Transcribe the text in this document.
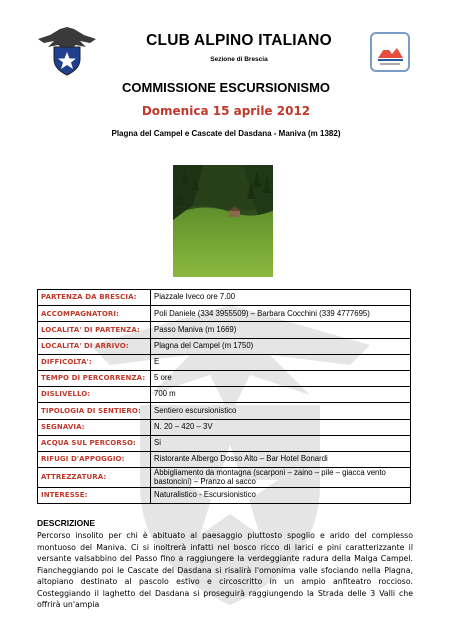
CLUB ALPINO ITALIANO
Sezione di Brescia
COMMISSIONE ESCURSIONISMO
Domenica 15 aprile 2012
Plagna del Campel e Cascate del Dasdana - Maniva (m 1382)
PARTENZA DA BRESCIA:	Piazzale Iveco ore 7.00
ACCOMPAGNATORI:	Poli Daniele (334 3955509) – Barbara Cocchini (339 4777695)
LOCALITA' DI PARTENZA:	Passo Maniva (m 1669)
LOCALITA' DI ARRIVO:	Plagna del Campel (m 1750)
DIFFICOLTA':	E
TEMPO DI PERCORRENZA:	5 ore
DISLIVELLO:	700 m
TIPOLOGIA DI SENTIERO:	Sentiero escursionistico
SEGNAVIA:	N. 20 – 420 – 3V
ACQUA SUL PERCORSO:	Si
RIFUGI D'APPOGGIO:	Ristorante Albergo Dosso Alto – Bar Hotel Bonardi
ATTREZZATURA:	Abbigliamento da montagna (scarponi – zaino – pile – giacca vento bastoncini) – Pranzo al sacco
INTERESSE:	Naturalistico - Escursionistico
DESCRIZIONE
Percorso insolito per chi è abituato al paesaggio piuttosto spoglio e arido del complesso montuoso del Maniva. Ci si inoltrerà infatti nel bosco ricco di larici e pini caratterizzante il versante valsabbino del Passo fino a raggiungere la verdeggiante radura della Malga Campel. Fiancheggiando poi le Cascate del Dasdana si risalirà l'omonima valle sfociando nella Plagna, altopiano destinato al pascolo estivo e circoscritto in un ampio anfiteatro roccioso. Costeggiando il laghetto del Dasdana si proseguirà raggiungendo la Strada delle 3 Valli che offrirà un'ampia
